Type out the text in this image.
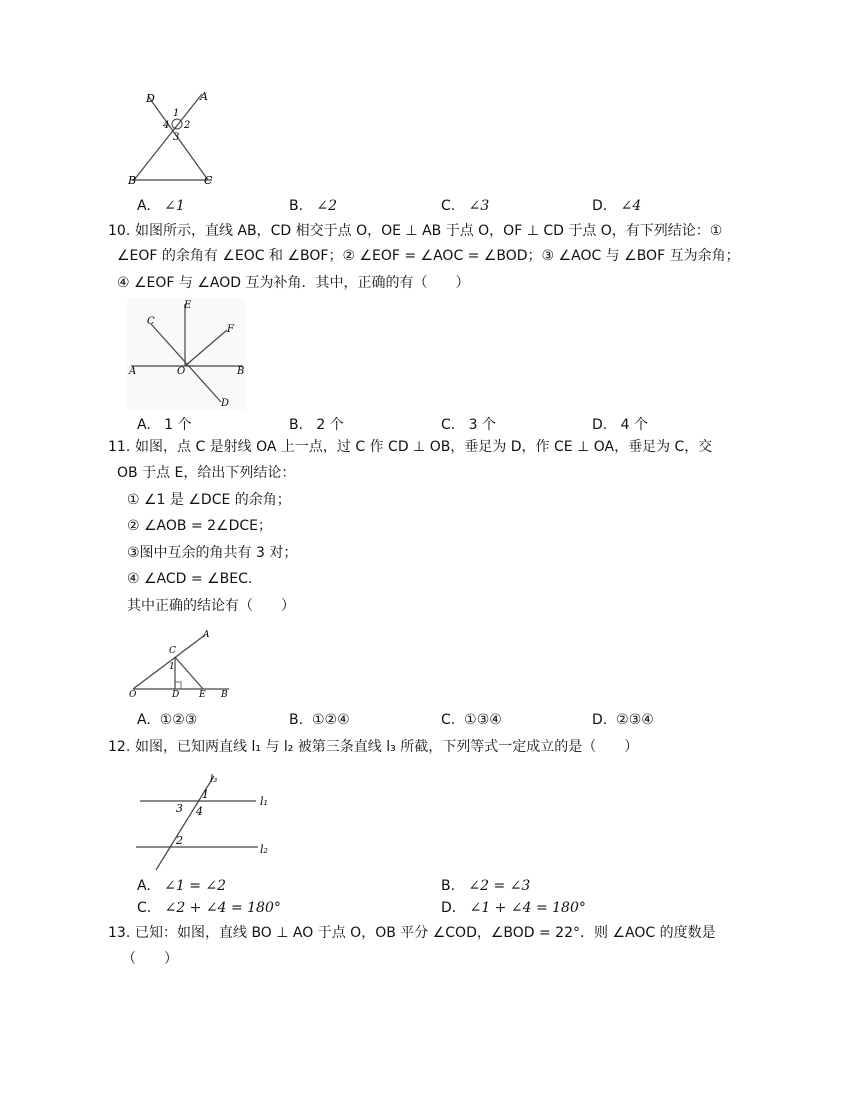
D	A
1
4 2
3
B	C
A. ∠1	B. ∠2	C. ∠3	D. ∠4
10. 如图所示，直线 AB，CD 相交于点 O，OE ⊥ AB 于点 O，OF ⊥ CD 于点 O，有下列结论：①
∠EOF 的余角有 ∠EOC 和 ∠BOF；② ∠EOF = ∠AOC = ∠BOD；③ ∠AOC 与 ∠BOF 互为余角；
④ ∠EOF 与 ∠AOD 互为补角．其中，正确的有（　　）
C
E
F
A	O	B
D
A. 1 个	B. 2 个	C. 3 个	D. 4 个
11. 如图，点 C 是射线 OA 上一点，过 C 作 CD ⊥ OB，垂足为 D，作 CE ⊥ OA，垂足为 C，交
OB 于点 E，给出下列结论：
① ∠1 是 ∠DCE 的余角；
② ∠AOB = 2∠DCE；
③图中互余的角共有 3 对；
④ ∠ACD = ∠BEC.
其中正确的结论有（　　）
A
C
1
O	D E B
A. ①②③	B. ①②④	C. ①③④	D. ②③④
12. 如图，已知两直线 l₁ 与 l₂ 被第三条直线 l₃ 所截，下列等式一定成立的是（　　）
l₃
1
3 4
l₁
2
l₂
A. ∠1 = ∠2	B. ∠2 = ∠3
C. ∠2 + ∠4 = 180°	D. ∠1 + ∠4 = 180°
13. 已知：如图，直线 BO ⊥ AO 于点 O，OB 平分 ∠COD，∠BOD = 22°．则 ∠AOC 的度数是
（　　）
